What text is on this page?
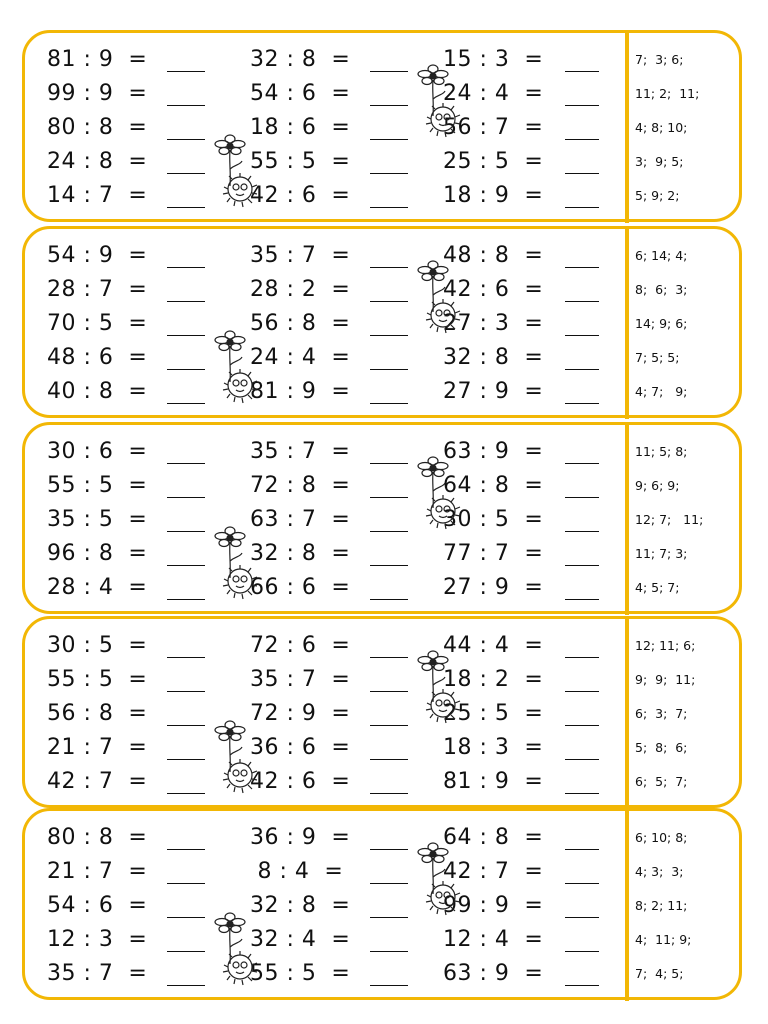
81 : 9  =	32 : 8  =	15 : 3  =	7;  3; 6;
99 : 9  =	54 : 6  =	24 : 4  =	11; 2;  11;
80 : 8  =	18 : 6  =	56 : 7  =	4; 8; 10;
24 : 8  =	55 : 5  =	25 : 5  =	3;  9; 5;
14 : 7  =	42 : 6  =	18 : 9  =	5; 9; 2;
54 : 9  =	35 : 7  =	48 : 8  =	6; 14; 4;
28 : 7  =	28 : 2  =	42 : 6  =	8;  6;  3;
70 : 5  =	56 : 8  =	27 : 3  =	14; 9; 6;
48 : 6  =	24 : 4  =	32 : 8  =	7; 5; 5;
40 : 8  =	81 : 9  =	27 : 9  =	4; 7;   9;
30 : 6  =	35 : 7  =	63 : 9  =	11; 5; 8;
55 : 5  =	72 : 8  =	64 : 8  =	9; 6; 9;
35 : 5  =	63 : 7  =	30 : 5  =	12; 7;   11;
96 : 8  =	32 : 8  =	77 : 7  =	11; 7; 3;
28 : 4  =	66 : 6  =	27 : 9  =	4; 5; 7;
30 : 5  =	72 : 6  =	44 : 4  =	12; 11; 6;
55 : 5  =	35 : 7  =	18 : 2  =	9;  9;  11;
56 : 8  =	72 : 9  =	25 : 5  =	6;  3;  7;
21 : 7  =	36 : 6  =	18 : 3  =	5;  8;  6;
42 : 7  =	42 : 6  =	81 : 9  =	6;  5;  7;
80 : 8  =	36 : 9  =	64 : 8  =	6; 10; 8;
21 : 7  =	8 : 4  =	42 : 7  =	4; 3;  3;
54 : 6  =	32 : 8  =	99 : 9  =	8; 2; 11;
12 : 3  =	32 : 4  =	12 : 4  =	4;  11; 9;
35 : 7  =	55 : 5  =	63 : 9  =	7;  4; 5;
